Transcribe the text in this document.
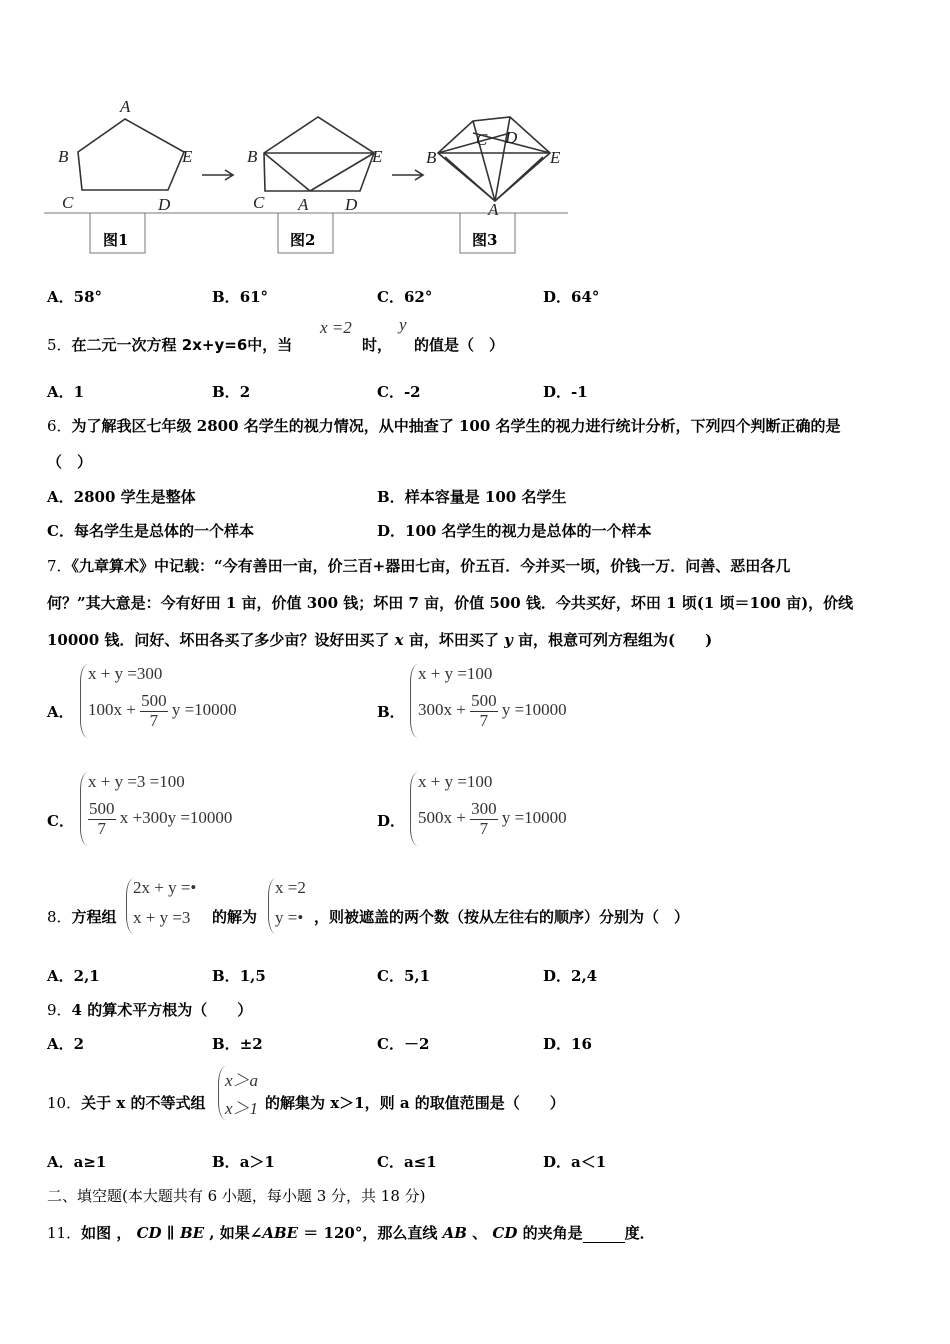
A
B	E
C	D
B	E
C A D
B
C D
E
A
图1	图2	图3
A．58°	B．61°	C．62°	D．64°
5．在二元一次方程 2x+y=6中，当
x =2
时，
y
的值是（　）
A．1	B．2	C．-2	D．-1
6．为了解我区七年级 2800 名学生的视力情况，从中抽查了 100 名学生的视力进行统计分析，下列四个判断正确的是
（　）
A．2800 学生是整体	B．样本容量是 100 名学生
C．每名学生是总体的一个样本	D．100 名学生的视力是总体的一个样本
7．《九章算术》中记载：“今有善田一亩，价三百+器田七亩，价五百．今并买一顷，价钱一万．问善、恶田各几
何？”其大意是：今有好田 1 亩，价值 300 钱；坏田 7 亩，价值 500 钱．今共买好，坏田 1 顷(1 顷＝100 亩)，价线
10000 钱．问好、坏田各买了多少亩？设好田买了 x 亩，坏田买了 y 亩，根意可列方程组为(　　)
A．
x + y =300
$100x + \frac{500}{7}$ y =10000	B．
x + y =100
$300x + \frac{500}{7}$ y =10000
C．
x + y =3 =100
$\frac{500}{7}$ x +300y =10000	D．
x + y =100
$500x + \frac{300}{7}$ y =10000
8．方程组
2x + y =•
x + y =3 的解为
x =2
y =• ，则被遮盖的两个数（按从左往右的顺序）分别为（　）
A．2,1	B．1,5	C．5,1	D．2,4
9．4 的算术平方根为（　　）
A．2	B．±2	C．－2	D．16
10．关于 x 的不等式组
x＞a
x＞1 的解集为 x＞1，则 a 的取值范围是（　　）
A．a≥1	B．a＞1	C．a≤1	D．a＜1
二、填空题(本大题共有 6 小题，每小题 3 分，共 18 分)
11．如图 ， CD ∥ BE , 如果∠ABE ＝ 120°，那么直线 AB 、 CD 的夹角是	度．
